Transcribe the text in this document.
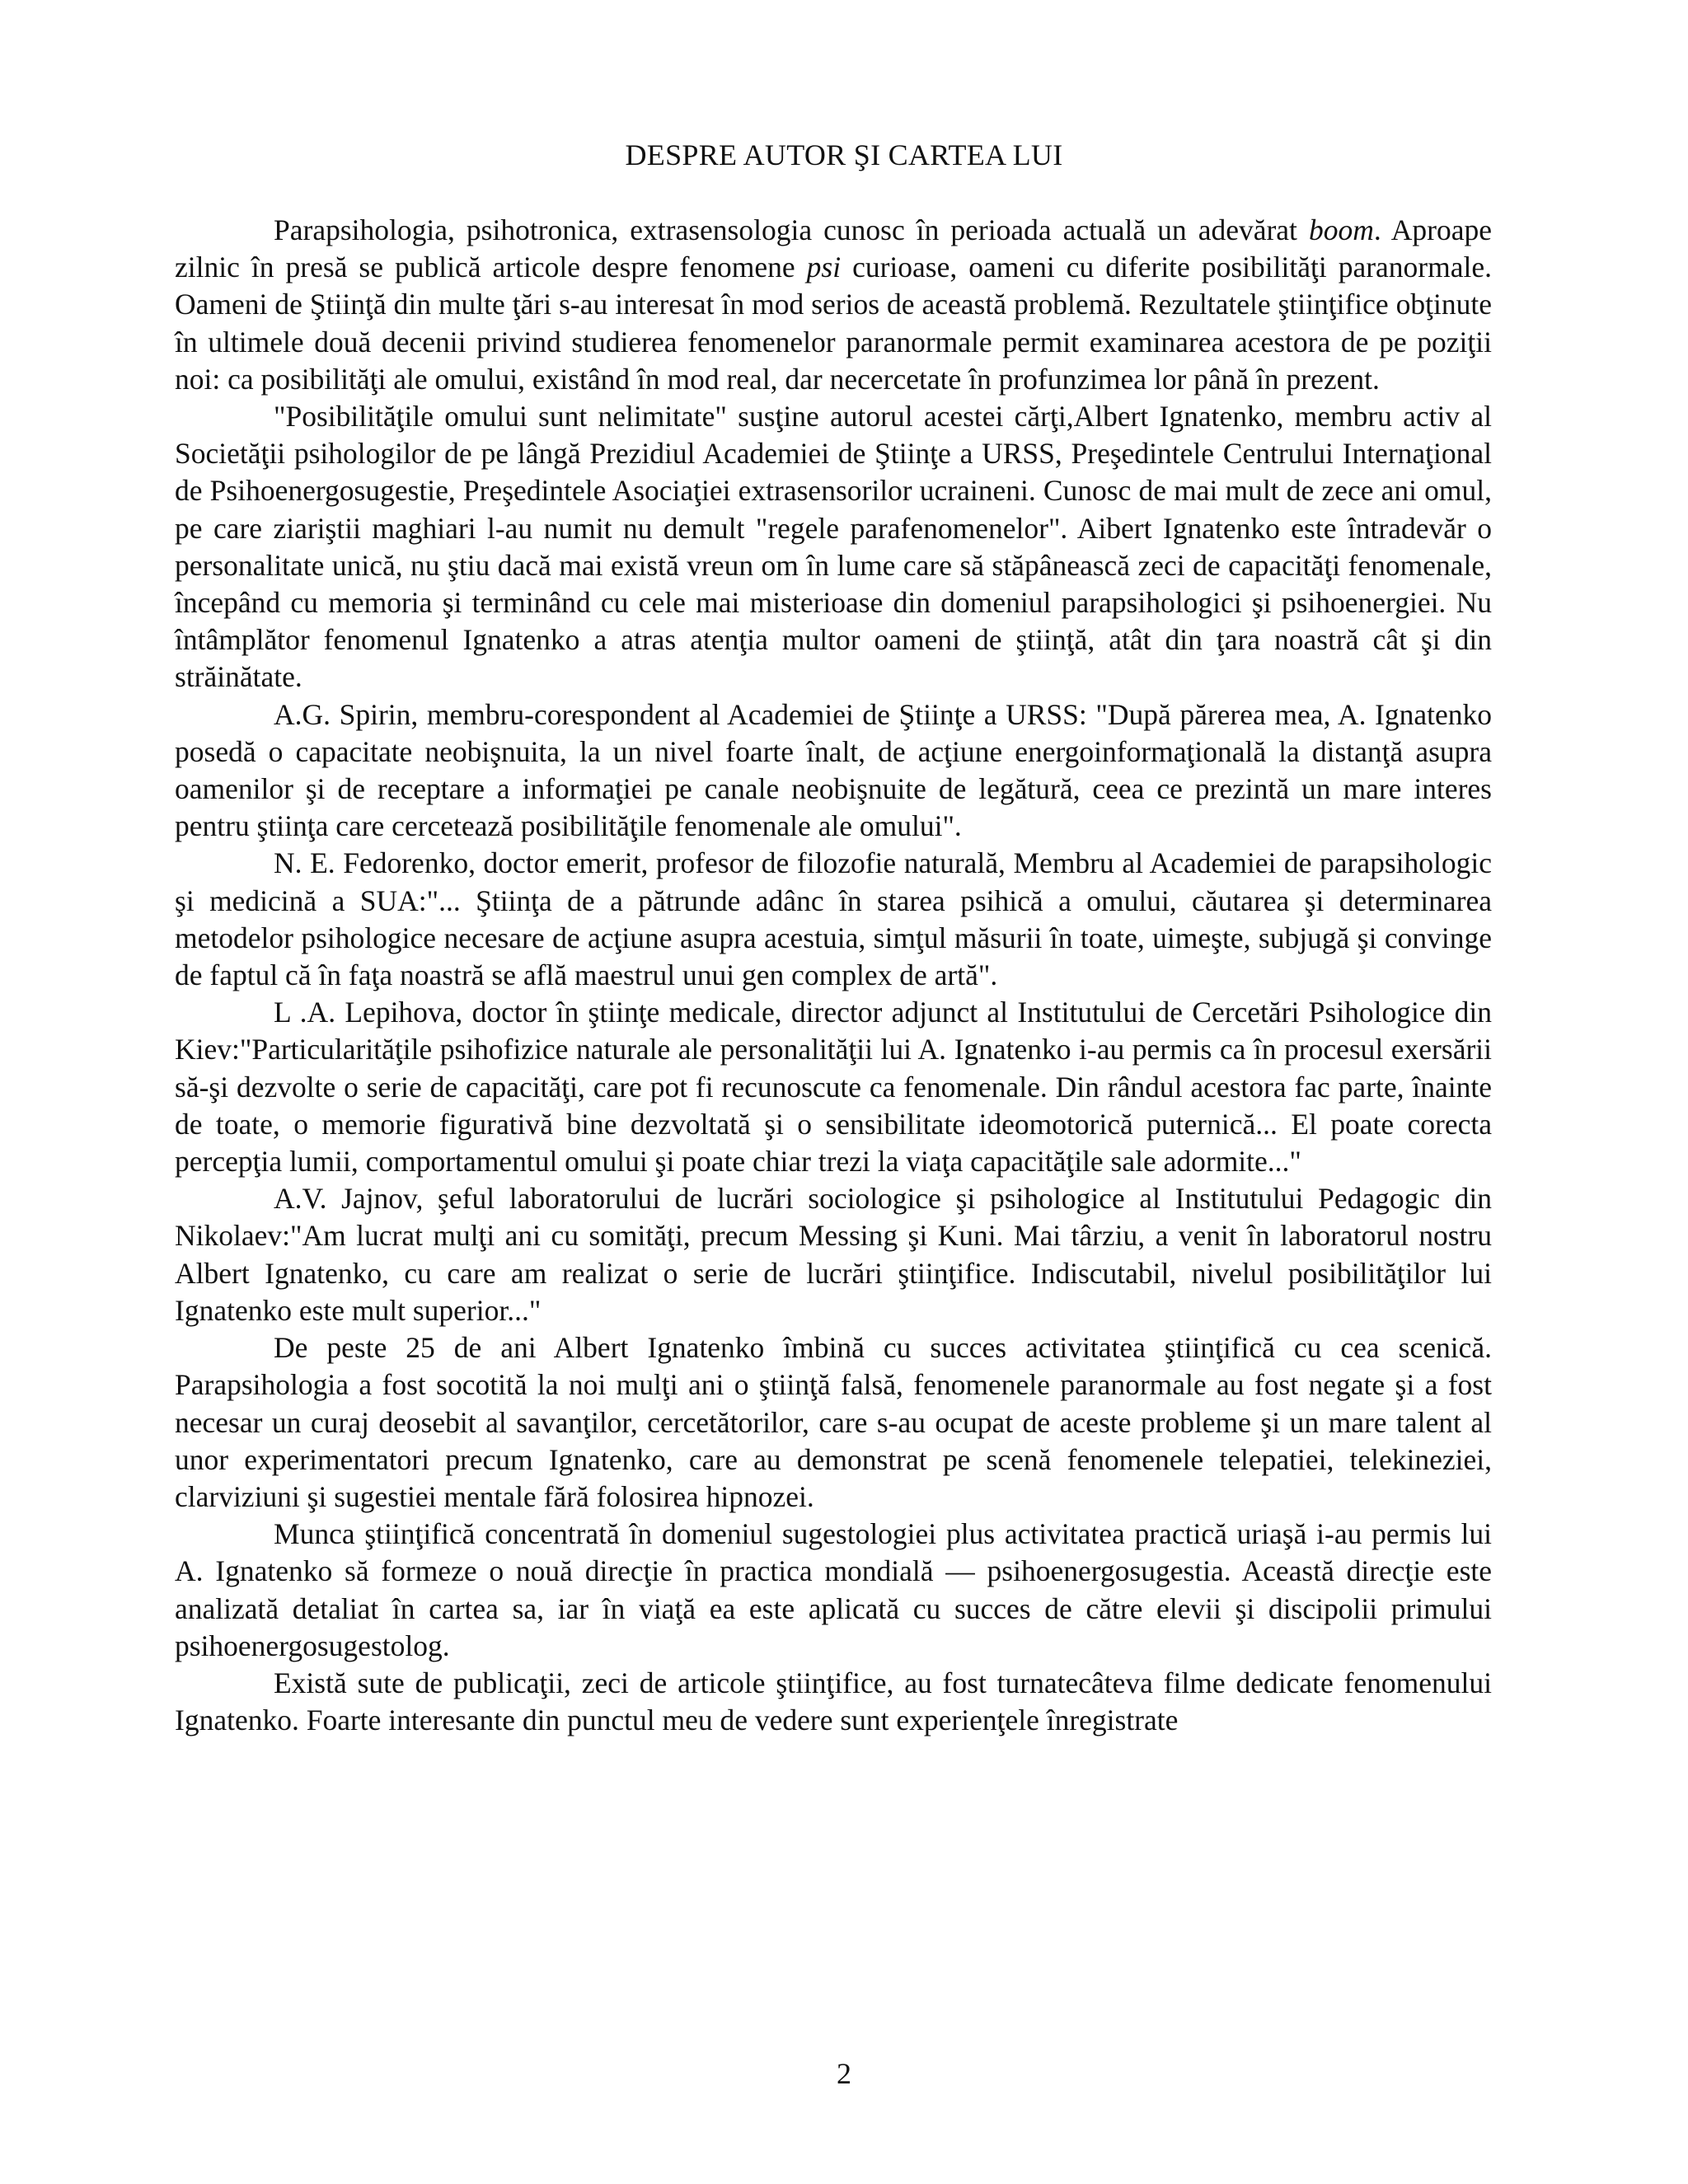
DESPRE AUTOR ŞI CARTEA LUI

Parapsihologia, psihotronica, extrasensologia cunosc în perioada actuală un adevărat boom. Aproape zilnic în presă se publică articole despre fenomene psi curioase, oameni cu diferite posibilităţi paranormale. Oameni de Ştiinţă din multe ţări s-au interesat în mod serios de această problemă. Rezultatele ştiinţifice obţinute în ultimele două decenii privind studierea fenomenelor paranormale permit examinarea acestora de pe poziţii noi: ca posibilităţi ale omului, existând în mod real, dar necercetate în profunzimea lor până în prezent.

"Posibilităţile omului sunt nelimitate" susţine autorul acestei cărţi,Albert Ignatenko, membru activ al Societăţii psihologilor de pe lângă Prezidiul Academiei de Ştiinţe a URSS, Preşedintele Centrului Internaţional de Psihoenergosugestie, Preşedintele Asociaţiei extrasensorilor ucraineni. Cunosc de mai mult de zece ani omul, pe care ziariştii maghiari l-au numit nu demult "regele parafenomenelor". Aibert Ignatenko este întradevăr o personalitate unică, nu ştiu dacă mai există vreun om în lume care să stăpânească zeci de capacităţi fenomenale, începând cu memoria şi terminând cu cele mai misterioase din domeniul parapsihologici şi psihoenergiei. Nu întâmplător fenomenul Ignatenko a atras atenţia multor oameni de ştiinţă, atât din ţara noastră cât şi din străinătate.

A.G. Spirin, membru-corespondent al Academiei de Ştiinţe a URSS: "După părerea mea, A. Ignatenko posedă o capacitate neobişnuita, la un nivel foarte înalt, de acţiune energoinformaţională la distanţă asupra oamenilor şi de receptare a informaţiei pe canale neobişnuite de legătură, ceea ce prezintă un mare interes pentru ştiinţa care cercetează posibilităţile fenomenale ale omului".

N. E. Fedorenko, doctor emerit, profesor de filozofie naturală, Membru al Academiei de parapsihologic şi medicină a SUA:"... Ştiinţa de a pătrunde adânc în starea psihică a omului, căutarea şi determinarea metodelor psihologice necesare de acţiune asupra acestuia, simţul măsurii în toate, uimeşte, subjugă şi convinge de faptul că în faţa noastră se află maestrul unui gen complex de artă".

L .A. Lepihova, doctor în ştiinţe medicale, director adjunct al Institutului de Cercetări Psihologice din Kiev:"Particularităţile psihofizice naturale ale personalităţii lui A. Ignatenko i-au permis ca în procesul exersării să-şi dezvolte o serie de capacităţi, care pot fi recunoscute ca fenomenale. Din rândul acestora fac parte, înainte de toate, o memorie figurativă bine dezvoltată şi o sensibilitate ideomotorică puternică... El poate corecta percepţia lumii, comportamentul omului şi poate chiar trezi la viaţa capacităţile sale adormite..."

A.V. Jajnov, şeful laboratorului de lucrări sociologice şi psihologice al Institutului Pedagogic din Nikolaev:"Am lucrat mulţi ani cu somităţi, precum Messing şi Kuni. Mai târziu, a venit în laboratorul nostru Albert Ignatenko, cu care am realizat o serie de lucrări ştiinţifice. Indiscutabil, nivelul posibilităţilor lui Ignatenko este mult superior..."

De peste 25 de ani Albert Ignatenko îmbină cu succes activitatea ştiinţifică cu cea scenică. Parapsihologia a fost socotită la noi mulţi ani o ştiinţă falsă, fenomenele paranormale au fost negate şi a fost necesar un curaj deosebit al savanţilor, cercetătorilor, care s-au ocupat de aceste probleme şi un mare talent al unor experimentatori precum Ignatenko, care au demonstrat pe scenă fenomenele telepatiei, telekineziei, clarviziuni şi sugestiei mentale fără folosirea hipnozei.

Munca ştiinţifică concentrată în domeniul sugestologiei plus activitatea practică uriaşă i-au permis lui A. Ignatenko să formeze o nouă direcţie în practica mondială — psihoenergosugestia. Această direcţie este analizată detaliat în cartea sa, iar în viaţă ea este aplicată cu succes de către elevii şi discipolii primului psihoenergosugestolog.

Există sute de publicaţii, zeci de articole ştiinţifice, au fost turnatecâteva filme dedicate fenomenului Ignatenko. Foarte interesante din punctul meu de vedere sunt experienţele înregistrate

2
